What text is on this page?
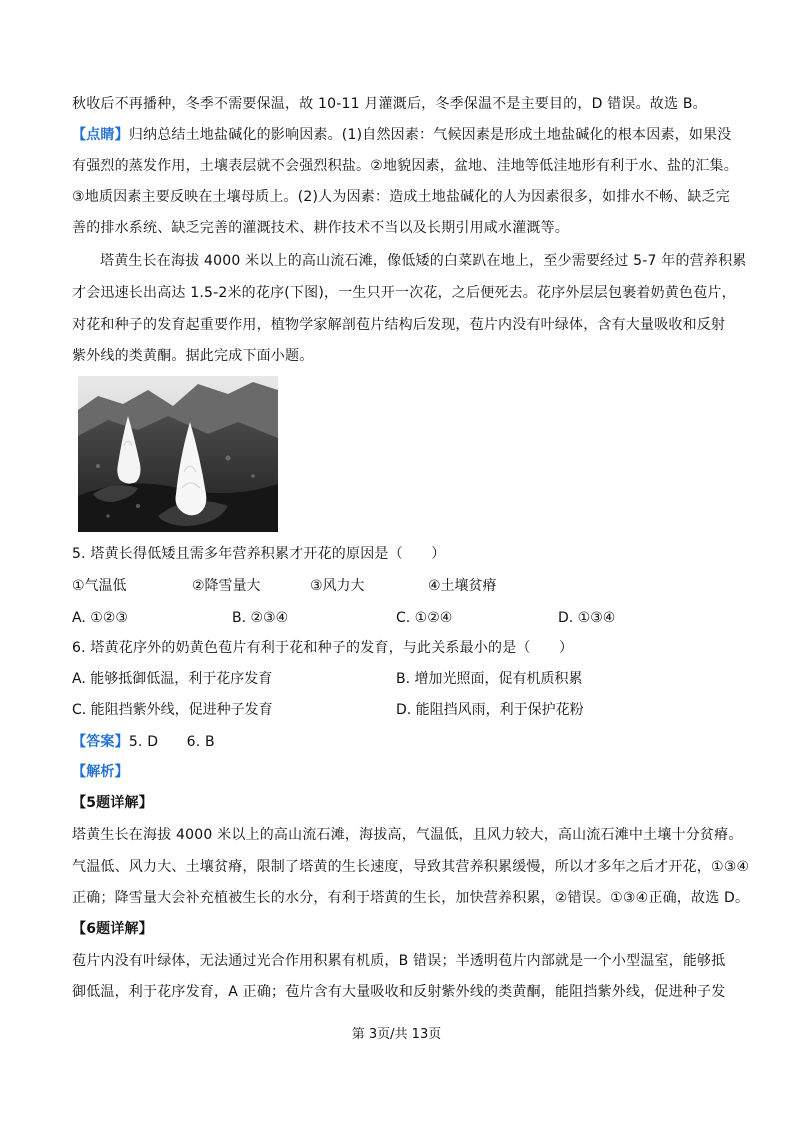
秋收后不再播种，冬季不需要保温，故 10-11 月灌溉后，冬季保温不是主要目的，D 错误。故选 B。
【点睛】归纳总结土地盐碱化的影响因素。(1)自然因素：气候因素是形成土地盐碱化的根本因素，如果没
有强烈的蒸发作用，土壤表层就不会强烈积盐。②地貌因素，盆地、洼地等低洼地形有利于水、盐的汇集。
③地质因素主要反映在土壤母质上。(2)人为因素：造成土地盐碱化的人为因素很多，如排水不畅、缺乏完
善的排水系统、缺乏完善的灌溉技术、耕作技术不当以及长期引用咸水灌溉等。
塔黄生长在海拔 4000 米以上的高山流石滩，像低矮的白菜趴在地上，至少需要经过 5-7 年的营养积累
才会迅速长出高达 1.5-2米的花序(下图)，一生只开一次花，之后便死去。花序外层层包裹着奶黄色苞片，
对花和种子的发育起重要作用，植物学家解剖苞片结构后发现，苞片内没有叶绿体，含有大量吸收和反射
紫外线的类黄酮。据此完成下面小题。
5. 塔黄长得低矮且需多年营养积累才开花的原因是（　　）
①气温低	②降雪量大	③风力大	④土壤贫瘠
A. ①②③	B. ②③④	C. ①②④	D. ①③④
6. 塔黄花序外的奶黄色苞片有利于花和种子的发育，与此关系最小的是（　　）
A. 能够抵御低温，利于花序发育	B. 增加光照面，促有机质积累
C. 能阻挡紫外线，促进种子发育	D. 能阻挡风雨，利于保护花粉
【答案】5. D　　6. B
【解析】
【5题详解】
塔黄生长在海拔 4000 米以上的高山流石滩，海拔高，气温低，且风力较大，高山流石滩中土壤十分贫瘠。
气温低、风力大、土壤贫瘠，限制了塔黄的生长速度，导致其营养积累缓慢，所以才多年之后才开花，①③④
正确；降雪量大会补充植被生长的水分，有利于塔黄的生长，加快营养积累，②错误。①③④正确，故选 D。
【6题详解】
苞片内没有叶绿体，无法通过光合作用积累有机质，B 错误；半透明苞片内部就是一个小型温室，能够抵
御低温，利于花序发育，A 正确；苞片含有大量吸收和反射紫外线的类黄酮，能阻挡紫外线，促进种子发
第 3页/共 13页
